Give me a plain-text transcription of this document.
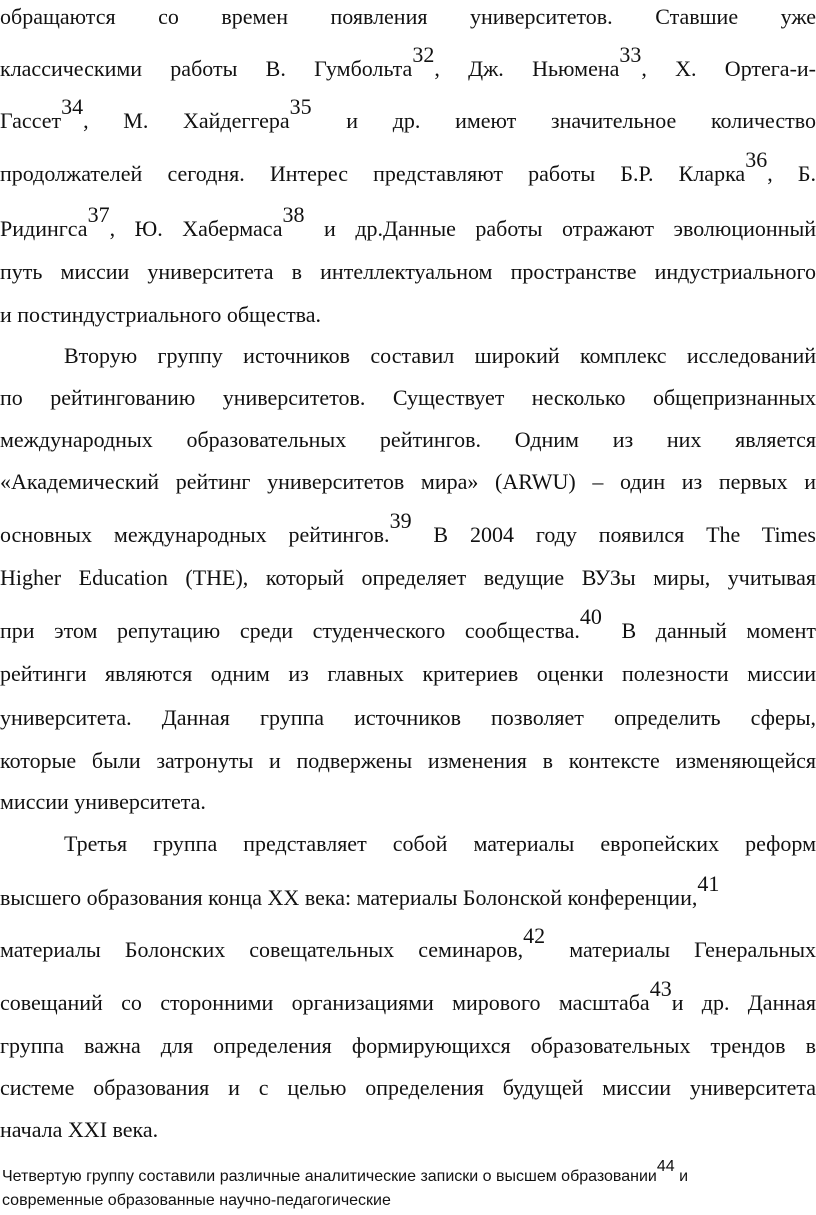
обращаются со времен появления университетов. Ставшие уже
классическими работы В. Гумбольта32, Дж. Ньюмена33, Х. Ортега-и-
Гассет34, М. Хайдеггера35 и др. имеют значительное количество
продолжателей сегодня. Интерес представляют работы Б.Р. Кларка36, Б.
Ридингса37, Ю. Хабермаса38 и др.Данные работы отражают эволюционный
путь миссии университета в интеллектуальном пространстве индустриального
и постиндустриального общества.
Вторую группу источников составил широкий комплекс исследований
по рейтингованию университетов. Существует несколько общепризнанных
международных образовательных рейтингов. Одним из них является
«Академический рейтинг университетов мира» (ARWU) – один из первых и
основных международных рейтингов.39 В 2004 году появился The Times
Higher Education (THE), который определяет ведущие ВУЗы миры, учитывая
при этом репутацию среди студенческого сообщества.40 В данный момент
рейтинги являются одним из главных критериев оценки полезности миссии
университета. Данная группа источников позволяет определить сферы,
которые были затронуты и подвержены изменения в контексте изменяющейся
миссии университета.
Третья группа представляет собой материалы европейских реформ
высшего образования конца XX века: материалы Болонской конференции,41
материалы Болонских совещательных семинаров,42 материалы Генеральных
совещаний со сторонними организациями мирового масштаба43и др. Данная
группа важна для определения формирующихся образовательных трендов в
системе образования и с целью определения будущей миссии университета
начала XXI века.
Четвертую группу составили различные аналитические записки о высшем образовании44 и
современные образованные научно-педагогические
